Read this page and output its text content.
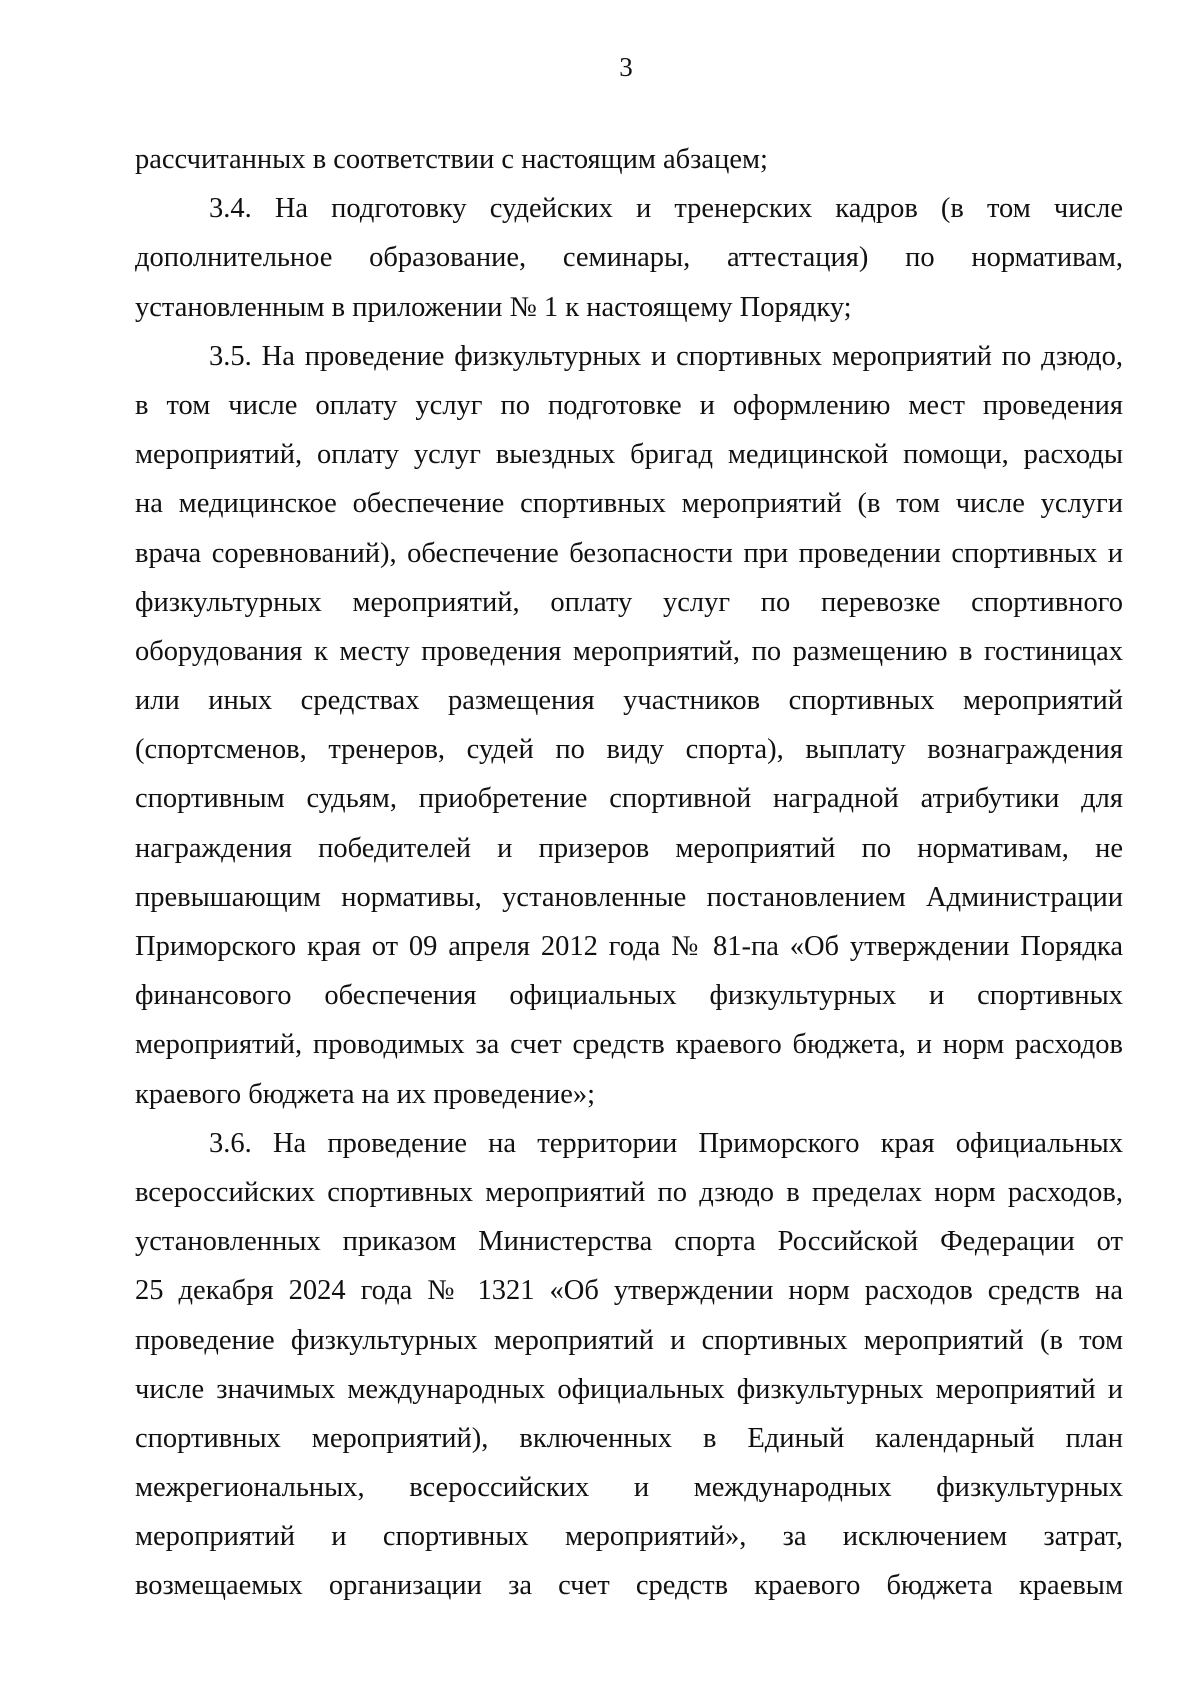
3
рассчитанных в соответствии с настоящим абзацем;
3.4. На подготовку судейских и тренерских кадров (в том числе
дополнительное образование, семинары, аттестация) по нормативам,
установленным в приложении № 1 к настоящему Порядку;
3.5. На проведение физкультурных и спортивных мероприятий по дзюдо,
в том числе оплату услуг по подготовке и оформлению мест проведения
мероприятий, оплату услуг выездных бригад медицинской помощи, расходы
на медицинское обеспечение спортивных мероприятий (в том числе услуги
врача соревнований), обеспечение безопасности при проведении спортивных и
физкультурных мероприятий, оплату услуг по перевозке спортивного
оборудования к месту проведения мероприятий, по размещению в гостиницах
или иных средствах размещения участников спортивных мероприятий
(спортсменов, тренеров, судей по виду спорта), выплату вознаграждения
спортивным судьям, приобретение спортивной наградной атрибутики для
награждения победителей и призеров мероприятий по нормативам, не
превышающим нормативы, установленные постановлением Администрации
Приморского края от 09 апреля 2012 года № 81-па «Об утверждении Порядка
финансового обеспечения официальных физкультурных и спортивных
мероприятий, проводимых за счет средств краевого бюджета, и норм расходов
краевого бюджета на их проведение»;
3.6. На проведение на территории Приморского края официальных
всероссийских спортивных мероприятий по дзюдо в пределах норм расходов,
установленных приказом Министерства спорта Российской Федерации от
25 декабря 2024 года № 1321 «Об утверждении норм расходов средств на
проведение физкультурных мероприятий и спортивных мероприятий (в том
числе значимых международных официальных физкультурных мероприятий и
спортивных мероприятий), включенных в Единый календарный план
межрегиональных, всероссийских и международных физкультурных
мероприятий и спортивных мероприятий», за исключением затрат,
возмещаемых организации за счет средств краевого бюджета краевым
